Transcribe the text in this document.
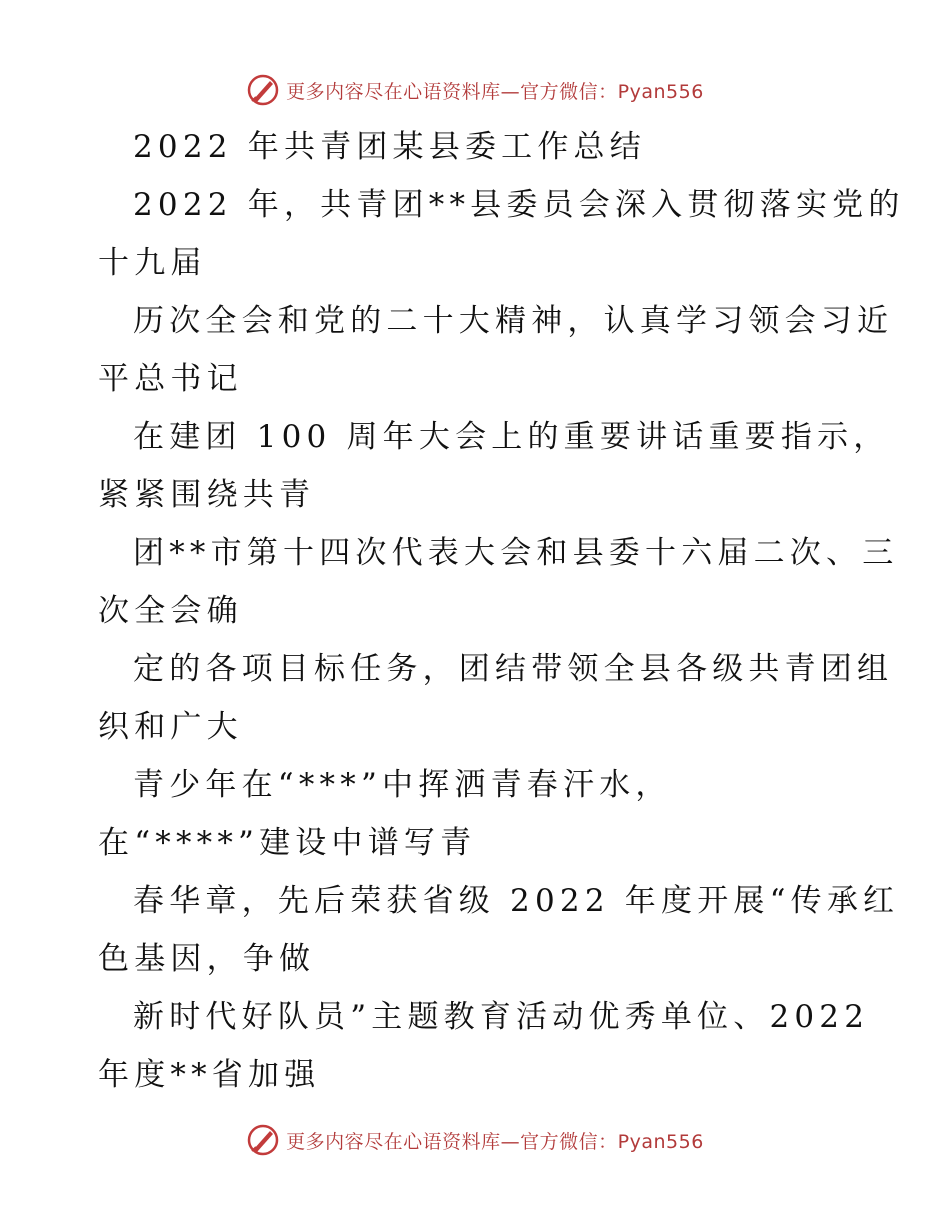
更多内容尽在心语资料库—官方微信：Pyan556
2022 年共青团某县委工作总结
2022 年，共青团**县委员会深入贯彻落实党的
十九届
历次全会和党的二十大精神，认真学习领会习近
平总书记
在建团 100 周年大会上的重要讲话重要指示，
紧紧围绕共青
团**市第十四次代表大会和县委十六届二次、三
次全会确
定的各项目标任务，团结带领全县各级共青团组
织和广大
青少年在“***”中挥洒青春汗水，
在“****”建设中谱写青
春华章，先后荣获省级 2022 年度开展“传承红
色基因，争做
新时代好队员”主题教育活动优秀单位、2022
年度**省加强
更多内容尽在心语资料库—官方微信：Pyan556
